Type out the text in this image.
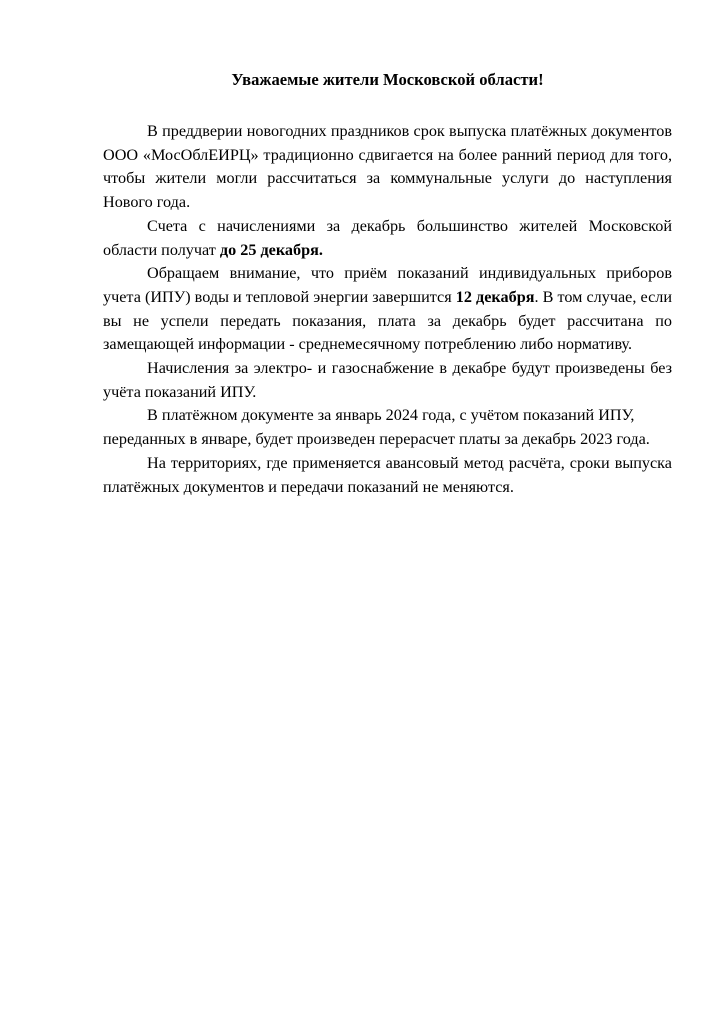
Уважаемые жители Московской области!

В преддверии новогодних праздников срок выпуска платёжных документов ООО «МосОблЕИРЦ» традиционно сдвигается на более ранний период для того, чтобы жители могли рассчитаться за коммунальные услуги до наступления Нового года.

Счета с начислениями за декабрь большинство жителей Московской области получат до 25 декабря.

Обращаем внимание, что приём показаний индивидуальных приборов учета (ИПУ) воды и тепловой энергии завершится 12 декабря. В том случае, если вы не успели передать показания, плата за декабрь будет рассчитана по замещающей информации - среднемесячному потреблению либо нормативу.

Начисления за электро- и газоснабжение в декабре будут произведены без учёта показаний ИПУ.

В платёжном документе за январь 2024 года, с учётом показаний ИПУ,
переданных в январе, будет произведен перерасчет платы за декабрь 2023 года.

На территориях, где применяется авансовый метод расчёта, сроки выпуска платёжных документов и передачи показаний не меняются.
